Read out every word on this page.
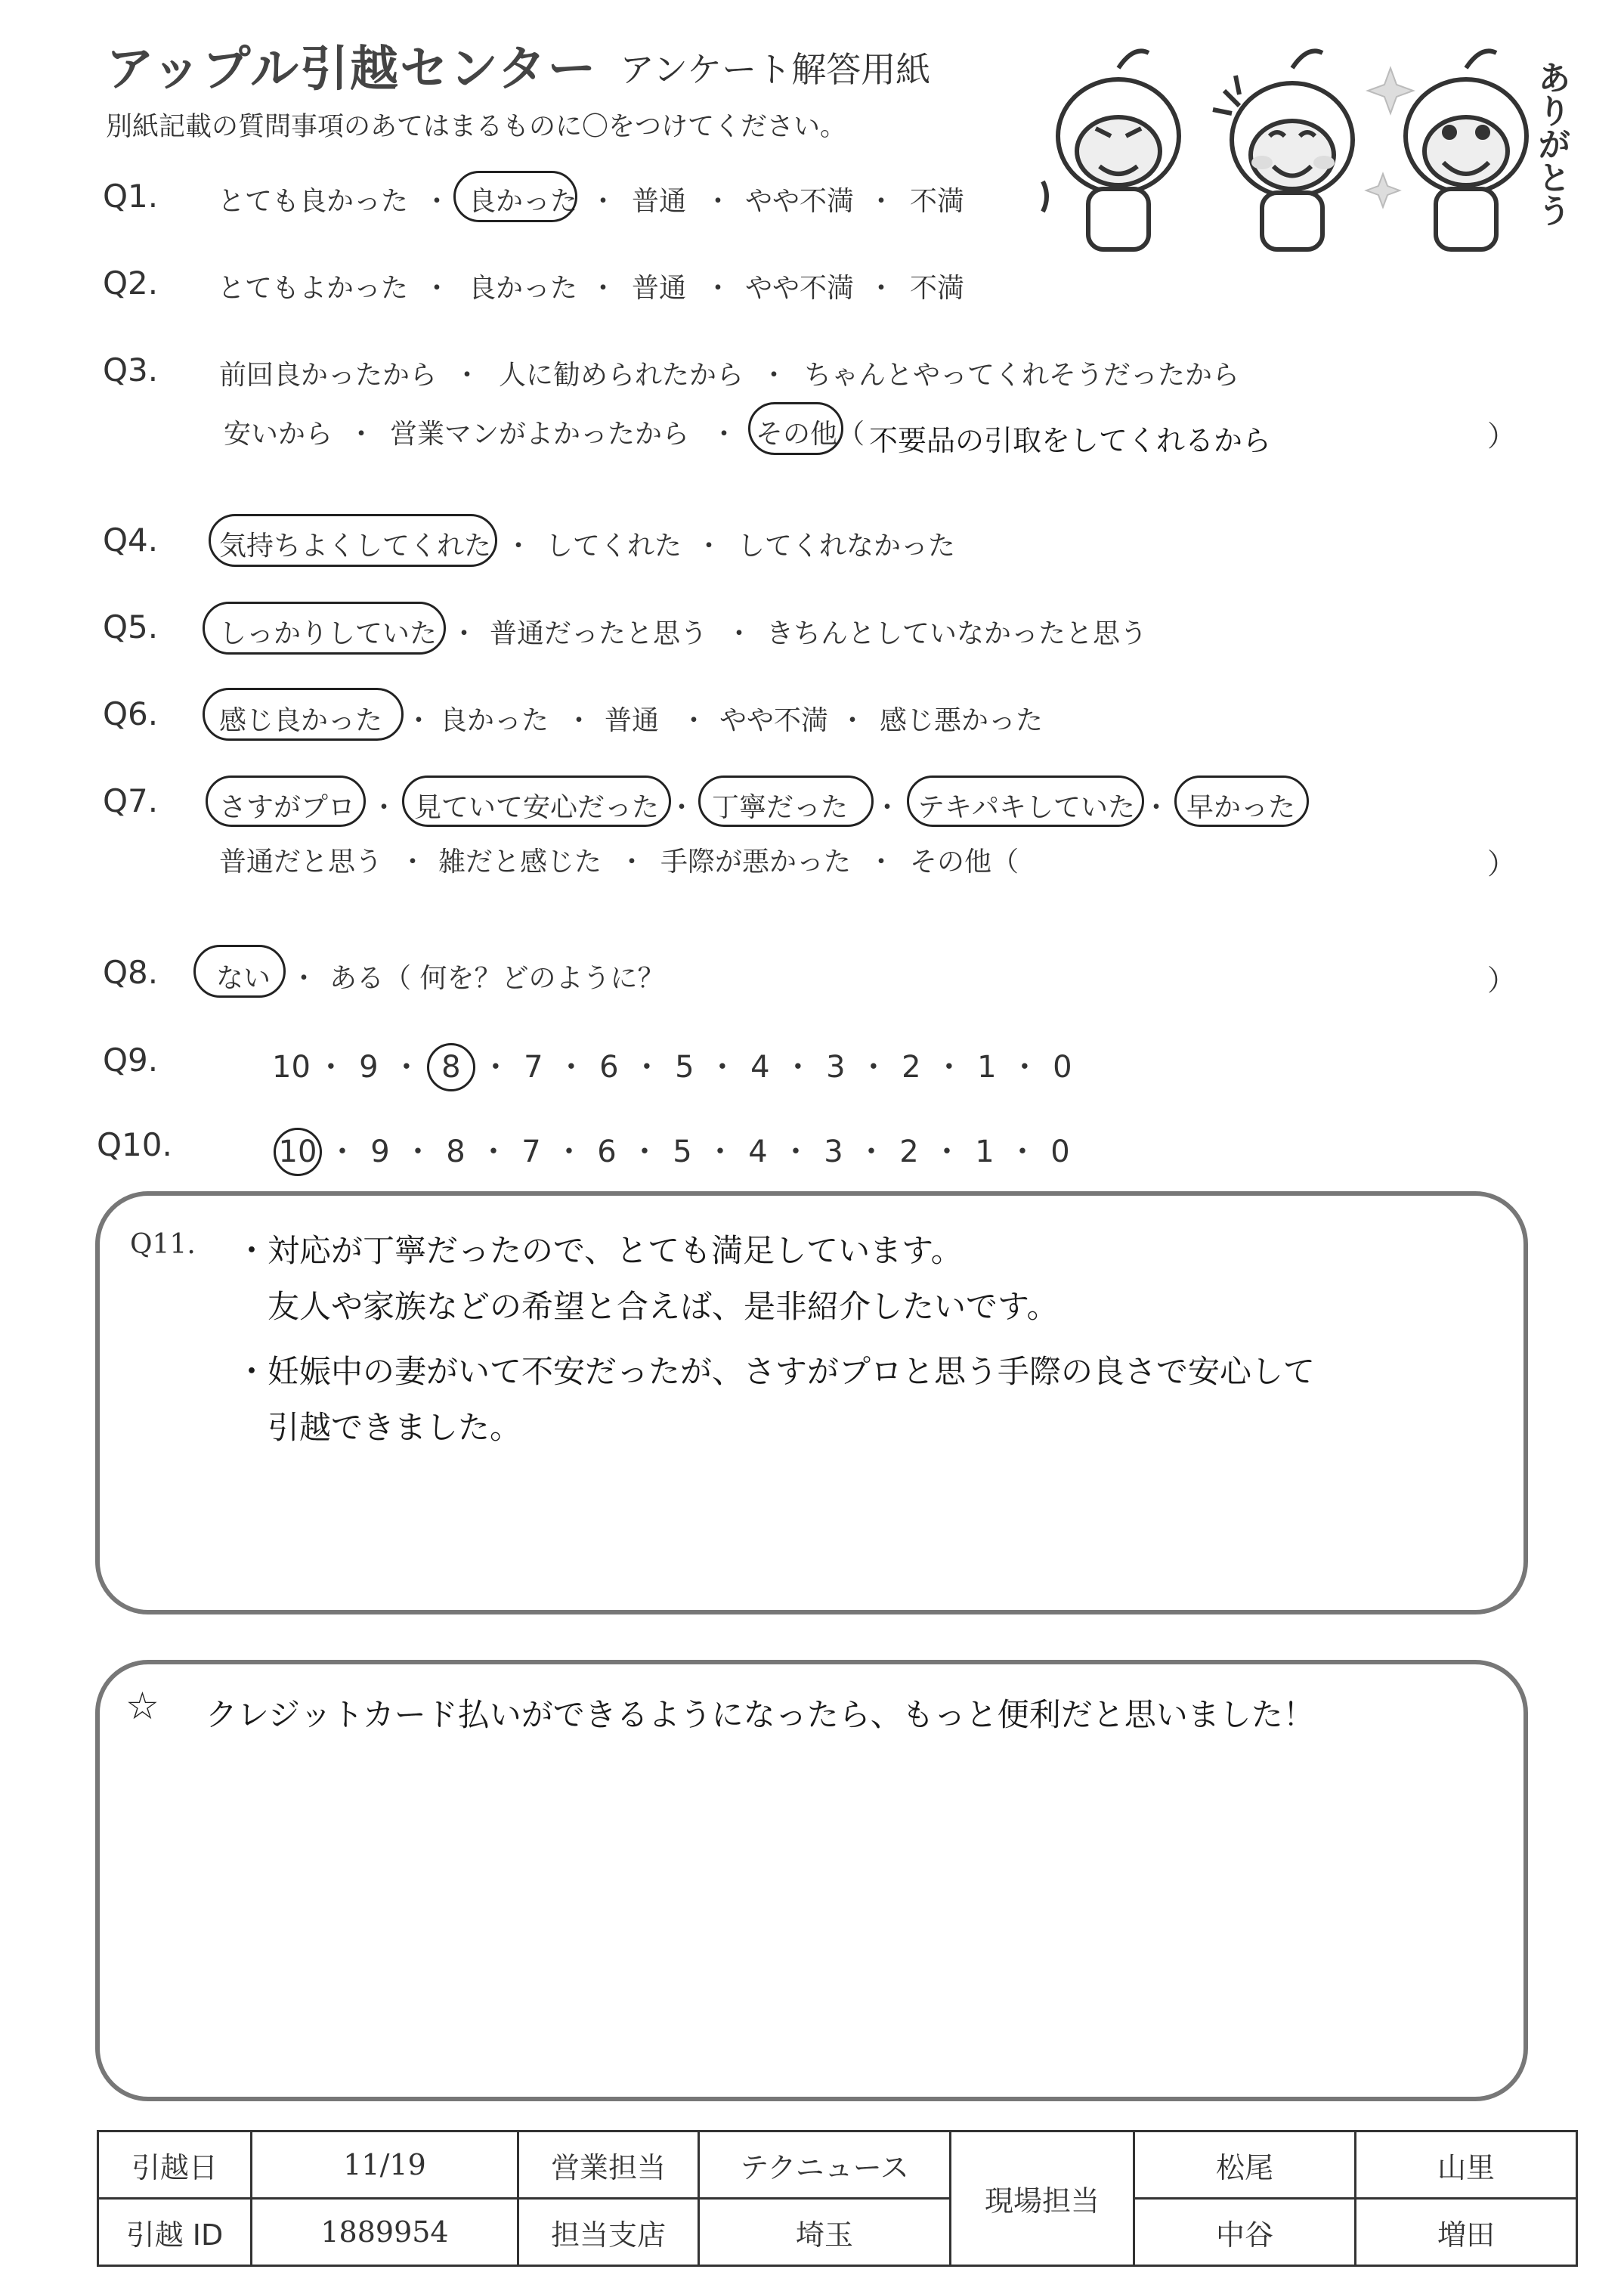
アップル引越センター アンケート解答用紙
別紙記載の質問事項のあてはまるものに〇をつけてください。	ありがとう
Q1. とても良かった ・ 良かった ・ 普通 ・ やや不満 ・ 不満
Q2. とてもよかった ・ 良かった ・ 普通 ・ やや不満 ・ 不満
Q3. 前回良かったから ・ 人に勧められたから ・ ちゃんとやってくれそうだったから
安いから ・ 営業マンがよかったから ・ その他（ 不要品の引取をしてくれるから	）
Q4. 気持ちよくしてくれた ・ してくれた ・ してくれなかった
Q5. しっかりしていた ・ 普通だったと思う ・ きちんとしていなかったと思う
Q6. 感じ良かった ・ 良かった ・ 普通 ・ やや不満 ・ 感じ悪かった
Q7. さすがプロ ・ 見ていて安心だった ・ 丁寧だった ・ テキパキしていた ・ 早かった
普通だと思う ・ 雑だと感じた ・ 手際が悪かった ・ その他（	）
Q8. ない ・ ある（ 何を？どのように？	）
Q9.	10 ・ 9 ・ 8 ・ 7 ・ 6 ・ 5 ・ 4 ・ 3 ・ 2 ・ 1 ・ 0
Q10.	10 ・ 9 ・ 8 ・ 7 ・ 6 ・ 5 ・ 4 ・ 3 ・ 2 ・ 1 ・ 0
Q11. ・対応が丁寧だったので、とても満足しています。
友人や家族などの希望と合えば、是非紹介したいです。
・妊娠中の妻がいて不安だったが、さすがプロと思う手際の良さで安心して
引越できました。
☆ クレジットカード払いができるようになったら、もっと便利だと思いました！
引越日	11/19	営業担当	テクニュース	現場担当	松尾	山里
引越 ID	1889954	担当支店	埼玉		中谷	増田
